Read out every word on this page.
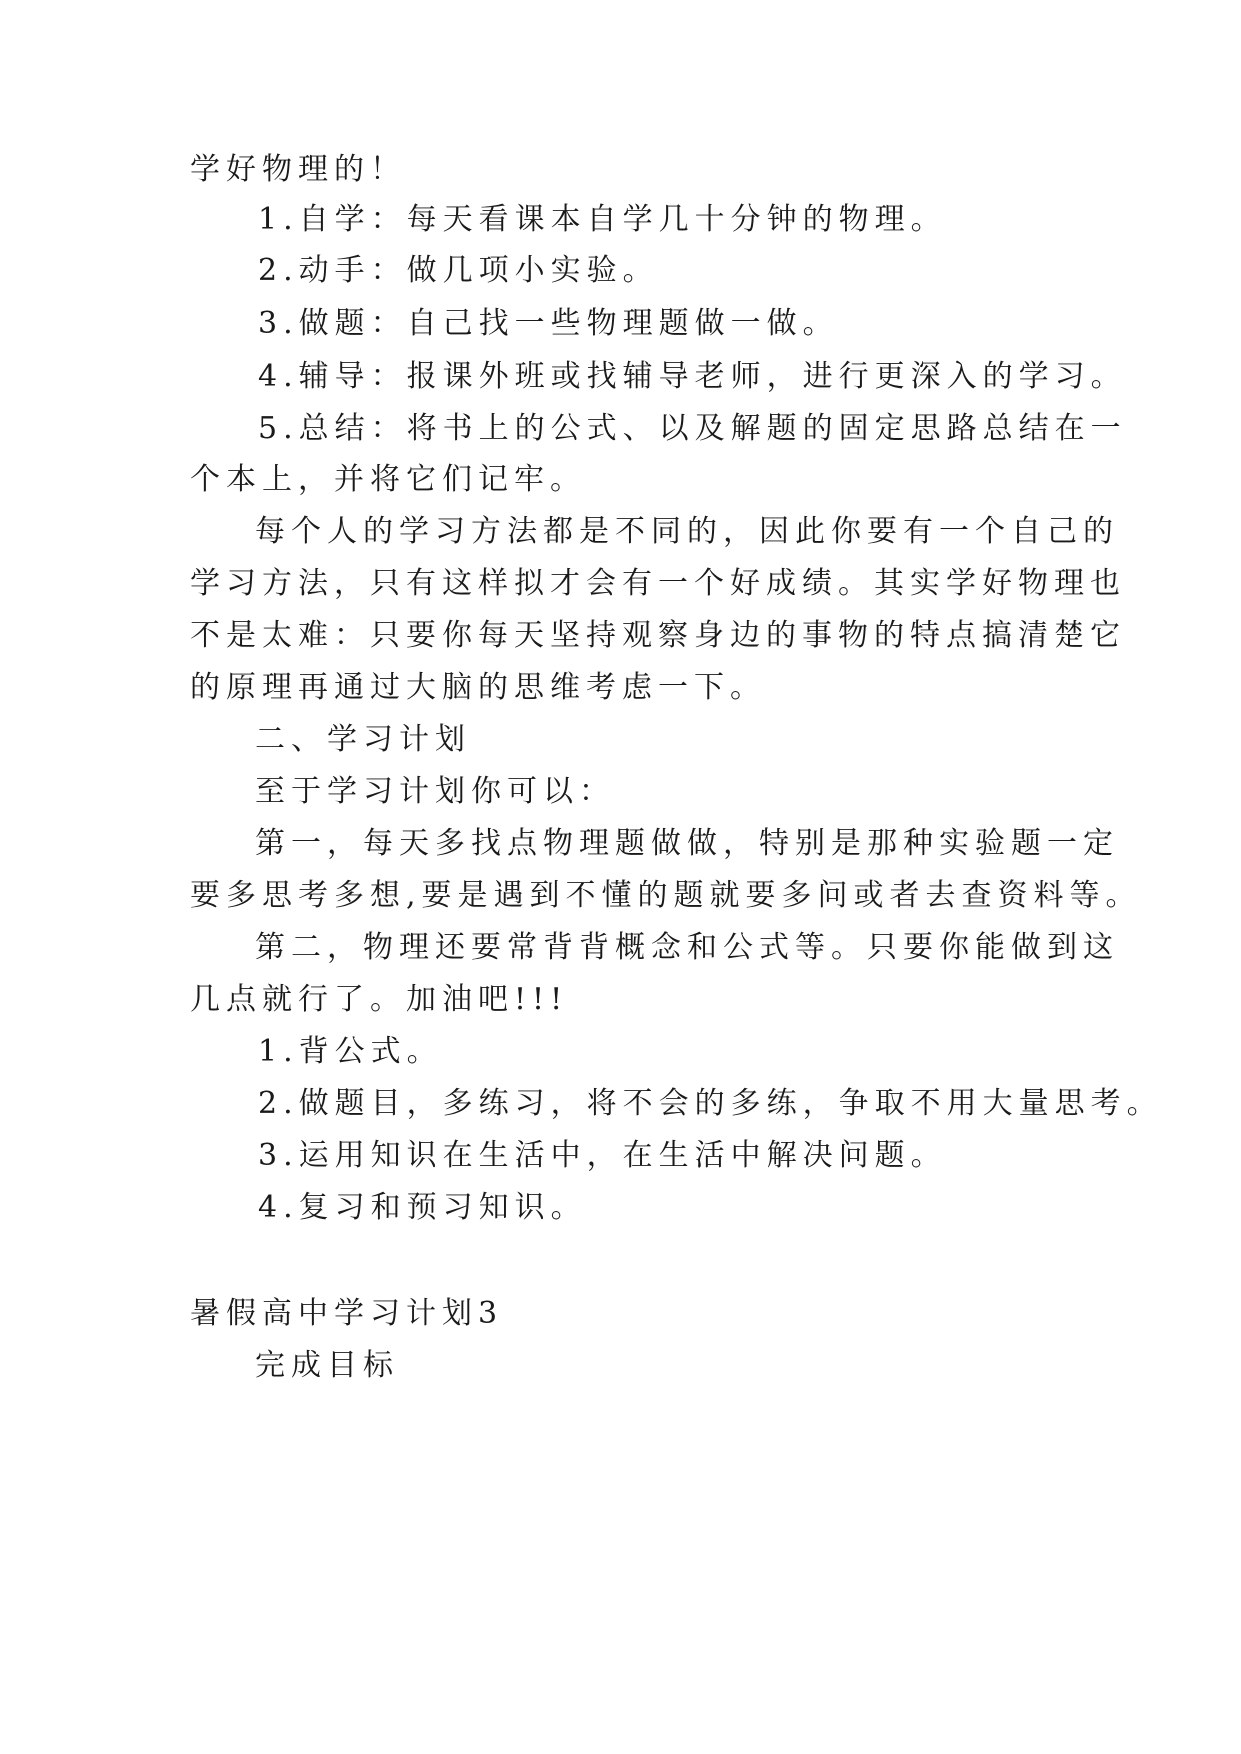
学好物理的！
1.自学：每天看课本自学几十分钟的物理。
2.动手：做几项小实验。
3.做题：自己找一些物理题做一做。
4.辅导：报课外班或找辅导老师，进行更深入的学习。
5.总结：将书上的公式、以及解题的固定思路总结在一
个本上，并将它们记牢。
每个人的学习方法都是不同的，因此你要有一个自己的
学习方法，只有这样拟才会有一个好成绩。其实学好物理也
不是太难：只要你每天坚持观察身边的事物的特点搞清楚它
的原理再通过大脑的思维考虑一下。
二、学习计划
至于学习计划你可以：
第一，每天多找点物理题做做，特别是那种实验题一定
要多思考多想,要是遇到不懂的题就要多问或者去查资料等。
第二，物理还要常背背概念和公式等。只要你能做到这
几点就行了。加油吧!!!
1.背公式。
2.做题目，多练习，将不会的多练，争取不用大量思考。
3.运用知识在生活中，在生活中解决问题。
4.复习和预习知识。
暑假高中学习计划3
完成目标
